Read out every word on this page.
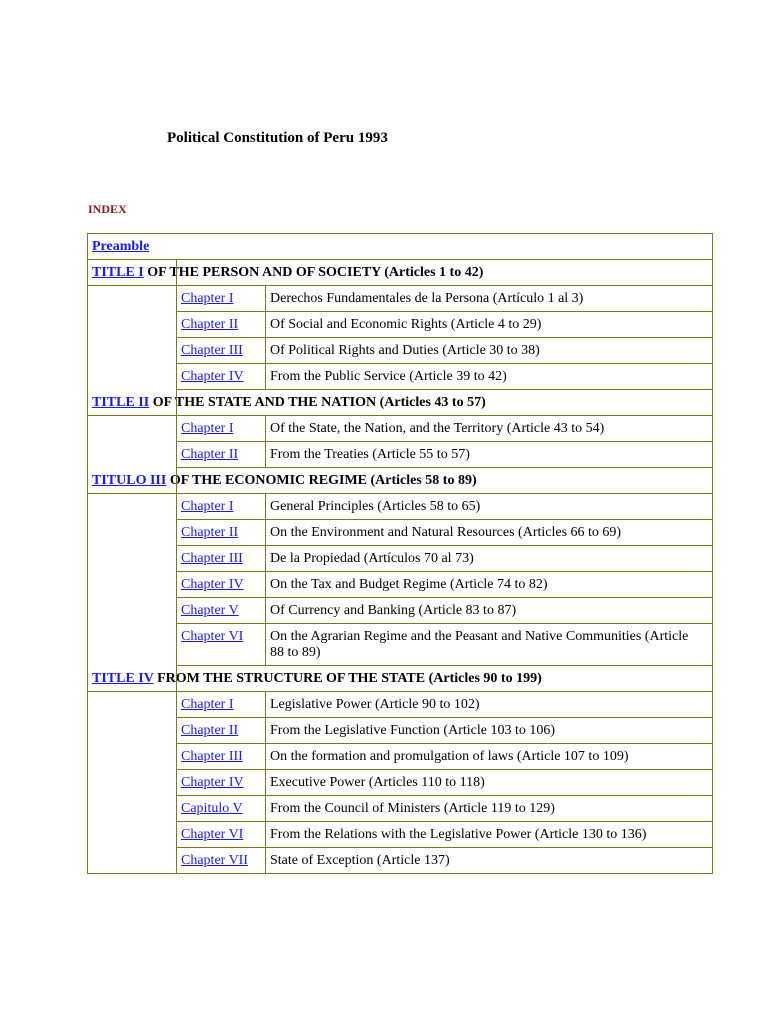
Political Constitution of Peru 1993
INDEX
Preamble
TITLE I OF THE PERSON AND OF SOCIETY (Articles 1 to 42)
Chapter I	Derechos Fundamentales de la Persona (Artículo 1 al 3)
Chapter II Of Social and Economic Rights (Article 4 to 29)
Chapter III Of Political Rights and Duties (Article 30 to 38)
Chapter IV From the Public Service (Article 39 to 42)
TITLE II OF THE STATE AND THE NATION (Articles 43 to 57)
Chapter I	Of the State, the Nation, and the Territory (Article 43 to 54)
Chapter II From the Treaties (Article 55 to 57)
TITULO III OF THE ECONOMIC REGIME (Articles 58 to 89)
Chapter I	General Principles (Articles 58 to 65)
Chapter II On the Environment and Natural Resources (Articles 66 to 69)
Chapter III De la Propiedad (Artículos 70 al 73)
Chapter IV On the Tax and Budget Regime (Article 74 to 82)
Chapter V Of Currency and Banking (Article 83 to 87)
Chapter VI On the Agrarian Regime and the Peasant and Native Communities (Article 88 to 89)
TITLE IV FROM THE STRUCTURE OF THE STATE (Articles 90 to 199)
Chapter I	Legislative Power (Article 90 to 102)
Chapter II From the Legislative Function (Article 103 to 106)
Chapter III On the formation and promulgation of laws (Article 107 to 109)
Chapter IV Executive Power (Articles 110 to 118)
Capitulo V From the Council of Ministers (Article 119 to 129)
Chapter VI From the Relations with the Legislative Power (Article 130 to 136)
Chapter VII State of Exception (Article 137)
